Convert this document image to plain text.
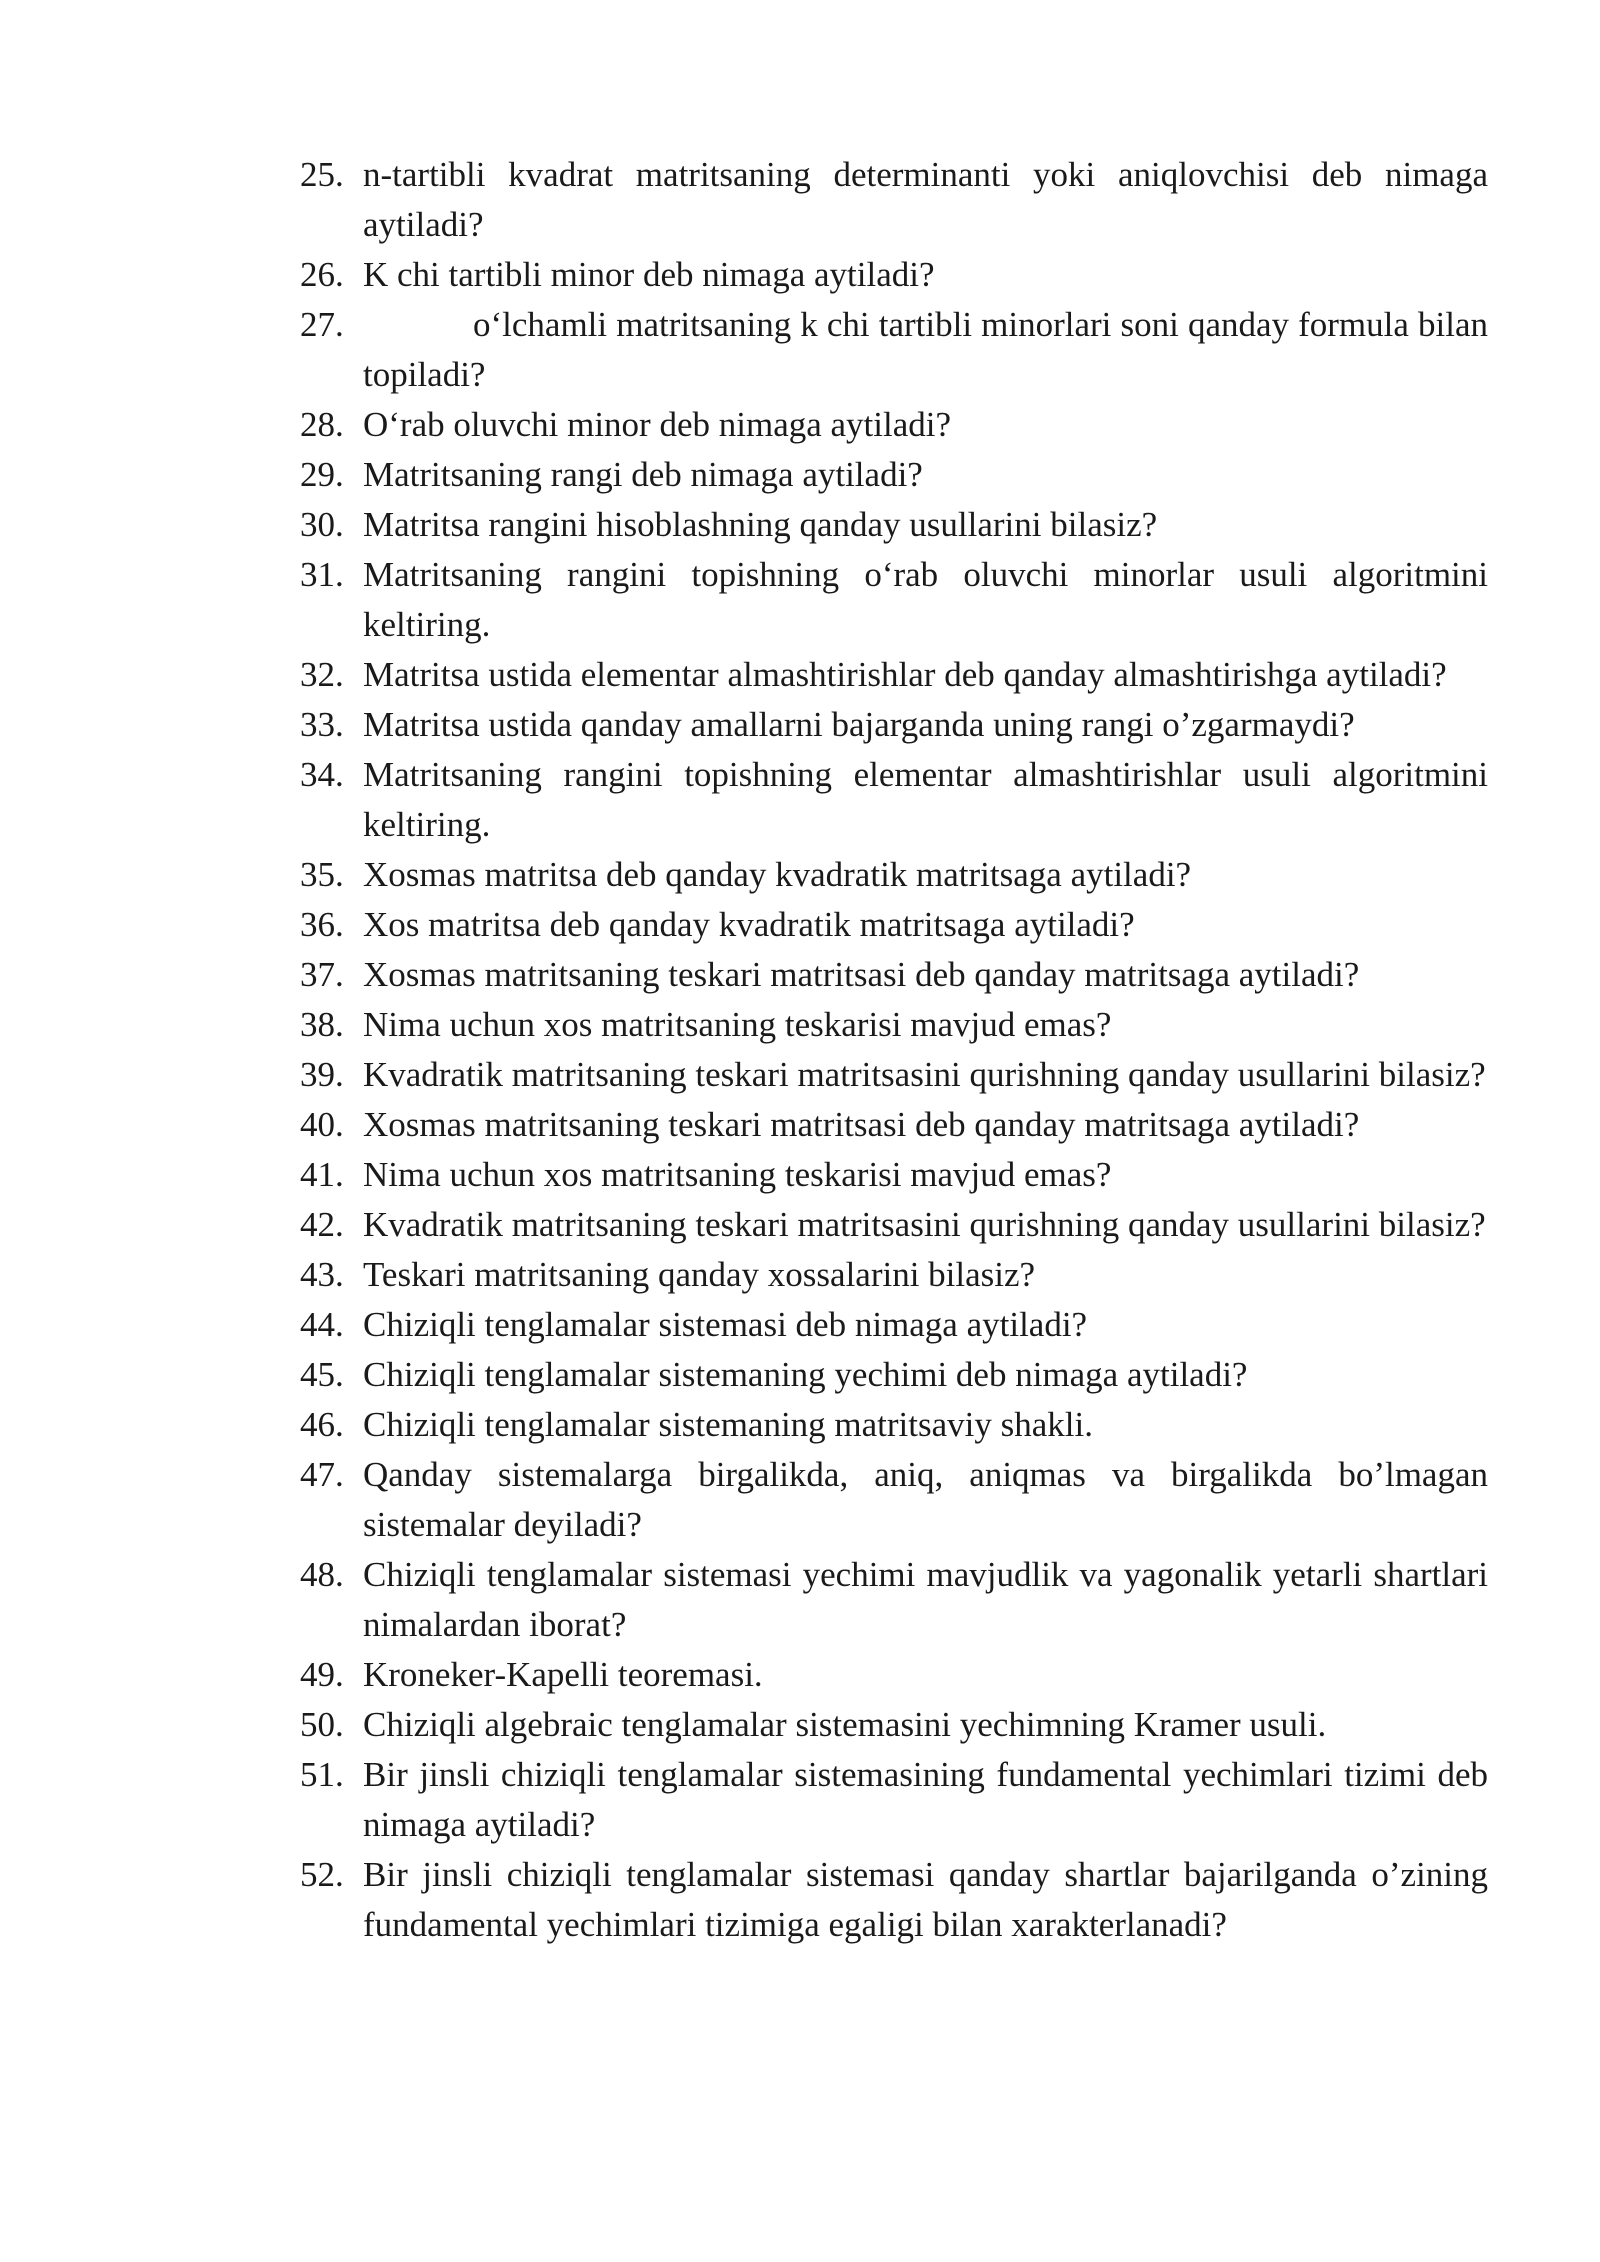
25. n-tartibli kvadrat matritsaning determinanti yoki aniqlovchisi deb nimaga aytiladi?
26. K chi tartibli minor deb nimaga aytiladi?
27.	o‘lchamli matritsaning k chi tartibli minorlari soni qanday formula bilan topiladi?
28. O‘rab oluvchi minor deb nimaga aytiladi?
29. Matritsaning rangi deb nimaga aytiladi?
30. Matritsa rangini hisoblashning qanday usullarini bilasiz?
31. Matritsaning rangini topishning o‘rab oluvchi minorlar usuli algoritmini keltiring.
32. Matritsa ustida elementar almashtirishlar deb qanday almashtirishga aytiladi?
33. Matritsa ustida qanday amallarni bajarganda uning rangi o’zgarmaydi?
34. Matritsaning rangini topishning elementar almashtirishlar usuli algoritmini keltiring.
35. Xosmas matritsa deb qanday kvadratik matritsaga aytiladi?
36. Xos matritsa deb qanday kvadratik matritsaga aytiladi?
37. Xosmas matritsaning teskari matritsasi deb qanday matritsaga aytiladi?
38. Nima uchun xos matritsaning teskarisi mavjud emas?
39. Kvadratik matritsaning teskari matritsasini qurishning qanday usullarini bilasiz?
40. Xosmas matritsaning teskari matritsasi deb qanday matritsaga aytiladi?
41. Nima uchun xos matritsaning teskarisi mavjud emas?
42. Kvadratik matritsaning teskari matritsasini qurishning qanday usullarini bilasiz?
43. Teskari matritsaning qanday xossalarini bilasiz?
44. Chiziqli tenglamalar sistemasi deb nimaga aytiladi?
45. Chiziqli tenglamalar sistemaning yechimi deb nimaga aytiladi?
46. Chiziqli tenglamalar sistemaning matritsaviy shakli.
47. Qanday sistemalarga birgalikda, aniq, aniqmas va birgalikda bo’lmagan sistemalar deyiladi?
48. Chiziqli tenglamalar sistemasi yechimi mavjudlik va yagonalik yetarli shartlari nimalardan iborat?
49. Kroneker-Kapelli teoremasi.
50. Chiziqli algebraic tenglamalar sistemasini yechimning Kramer usuli.
51. Bir jinsli chiziqli tenglamalar sistemasining fundamental yechimlari tizimi deb nimaga aytiladi?
52. Bir jinsli chiziqli tenglamalar sistemasi qanday shartlar bajarilganda o’zining fundamental yechimlari tizimiga egaligi bilan xarakterlanadi?
